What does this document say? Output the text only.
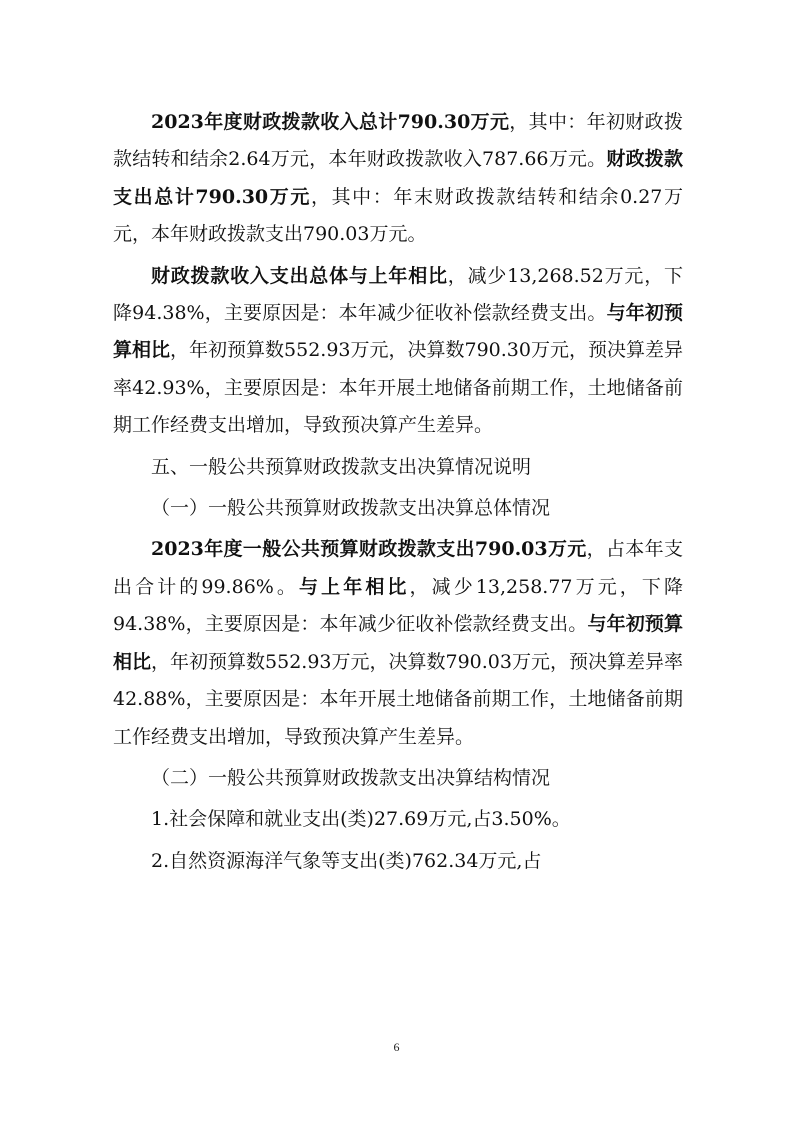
2023年度财政拨款收入总计790.30万元，其中：年初财政拨款结转和结余2.64万元，本年财政拨款收入787.66万元。财政拨款支出总计790.30万元，其中：年末财政拨款结转和结余0.27万元，本年财政拨款支出790.03万元。

财政拨款收入支出总体与上年相比，减少13,268.52万元，下降94.38%，主要原因是：本年减少征收补偿款经费支出。与年初预算相比，年初预算数552.93万元，决算数790.30万元，预决算差异率42.93%，主要原因是：本年开展土地储备前期工作，土地储备前期工作经费支出增加，导致预决算产生差异。

五、一般公共预算财政拨款支出决算情况说明

（一）一般公共预算财政拨款支出决算总体情况

2023年度一般公共预算财政拨款支出790.03万元，占本年支出合计的99.86%。与上年相比，减少13,258.77万元，下降94.38%，主要原因是：本年减少征收补偿款经费支出。与年初预算相比，年初预算数552.93万元，决算数790.03万元，预决算差异率42.88%，主要原因是：本年开展土地储备前期工作，土地储备前期工作经费支出增加，导致预决算产生差异。

（二）一般公共预算财政拨款支出决算结构情况

1.社会保障和就业支出(类)27.69万元,占3.50%。

2.自然资源海洋气象等支出(类)762.34万元,占

6
